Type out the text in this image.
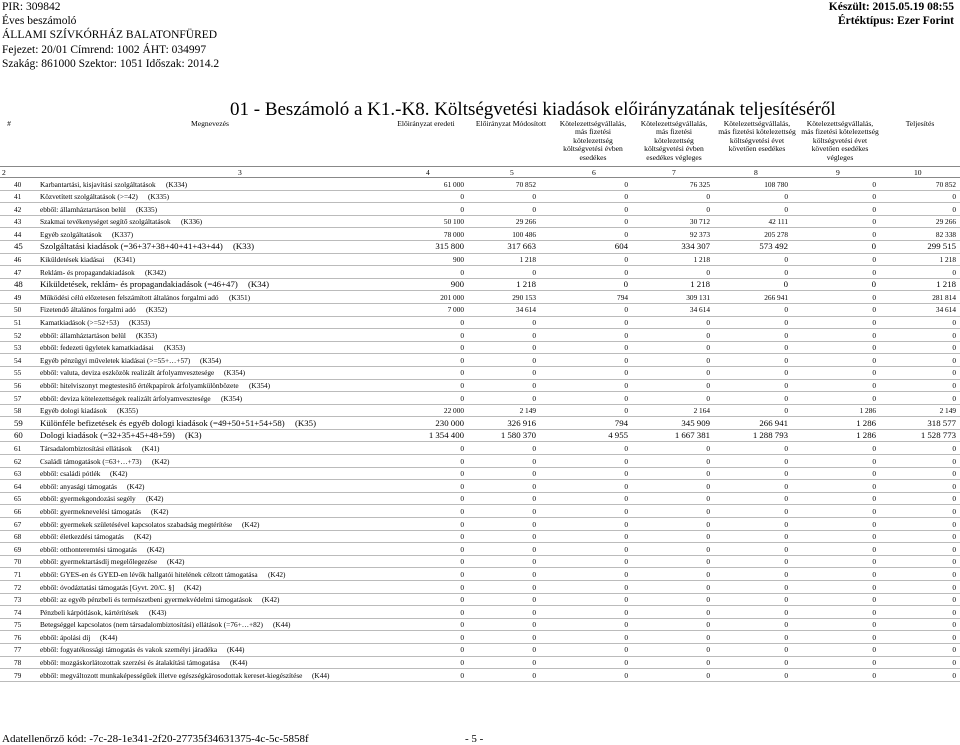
PIR: 309842
Éves beszámoló
ÁLLAMI SZÍVKÓRHÁZ BALATONFÜRED
Fejezet: 20/01 Címrend: 1002 ÁHT: 034997
Szakág: 861000 Szektor: 1051 Időszak: 2014.2
Készült: 2015.05.19 08:55
Értéktípus: Ezer Forint
01 - Beszámoló a K1.-K8. Költségvetési kiadások előirányzatának teljesítéséről
#	Megnevezés	Előirányzat eredeti	Előirányzat Módosított	Kötelezettségvállalás, más fizetési kötelezettség költségvetési évben esedékes
Kötelezettségvállalás, más fizetési kötelezettség költségvetési évben esedékes végleges
Kötelezettségvállalás, más fizetési kötelezettség költségvetési évet követően esedékes
Kötelezettségvállalás, más fizetési kötelezettség költségvetési évet követően esedékes végleges
Teljesítés
2	3	4	5	6	7	8	9	10
40	Karbantartási, kisjavítási szolgáltatások (K334)	61 000	70 852	0	76 325	108 780	0	70 852
41	Közvetített szolgáltatások (>=42) (K335)	0	0	0	0	0	0	0
42	ebből: államháztartáson belül (K335)	0	0	0	0	0	0	0
43	Szakmai tevékenységet segítő szolgáltatások (K336)	50 100	29 266	0	30 712	42 111	0	29 266
44	Egyéb szolgáltatások (K337)	78 000	100 486	0	92 373	205 278	0	82 338
45 Szolgáltatási kiadások (=36+37+38+40+41+43+44) (K33)	315 800	317 663	604	334 307	573 492	0	299 515
46	Kiküldetések kiadásai (K341)	900	1 218	0	1 218	0	0	1 218
47	Reklám- és propagandakiadások (K342)	0	0	0	0	0	0	0
48 Kiküldetések, reklám- és propagandakiadások (=46+47) (K34)	900	1 218	0	1 218	0	0	1 218
49	Működési célú előzetesen felszámított általános forgalmi adó (K351)	201 000	290 153	794	309 131	266 941	0	281 814
50	Fizetendő általános forgalmi adó (K352)	7 000	34 614	0	34 614	0	0	34 614
51	Kamatkiadások (>=52+53) (K353)	0	0	0	0	0	0	0
52	ebből: államháztartáson belül (K353)	0	0	0	0	0	0	0
53	ebből: fedezeti ügyletek kamatkiadásai (K353)	0	0	0	0	0	0	0
54	Egyéb pénzügyi műveletek kiadásai (>=55+…+57) (K354)	0	0	0	0	0	0	0
55	ebből: valuta, deviza eszközök realizált árfolyamvesztesége (K354)	0	0	0	0	0	0	0
56	ebből: hitelviszonyt megtestesítő értékpapírok árfolyamkülönbözete (K354)	0	0	0	0	0	0	0
57	ebből: deviza kötelezettségek realizált árfolyamvesztesége (K354)	0	0	0	0	0	0	0
58	Egyéb dologi kiadások (K355)	22 000	2 149	0	2 164	0	1 286	2 149
59 Különféle befizetések és egyéb dologi kiadások (=49+50+51+54+58) (K35)	230 000	326 916	794	345 909	266 941	1 286	318 577
60 Dologi kiadások (=32+35+45+48+59) (K3)	1 354 400	1 580 370	4 955	1 667 381	1 288 793	1 286	1 528 773
61	Társadalombiztosítási ellátások (K41)	0	0	0	0	0	0	0
62	Családi támogatások (=63+…+73) (K42)	0	0	0	0	0	0	0
63	ebből: családi pótlék (K42)	0	0	0	0	0	0	0
64	ebből: anyasági támogatás (K42)	0	0	0	0	0	0	0
65	ebből: gyermekgondozási segély (K42)	0	0	0	0	0	0	0
66	ebből: gyermeknevelési támogatás (K42)	0	0	0	0	0	0	0
67	ebből: gyermekek születésével kapcsolatos szabadság megtérítése (K42)	0	0	0	0	0	0	0
68	ebből: életkezdési támogatás (K42)	0	0	0	0	0	0	0
69	ebből: otthonteremtési támogatás (K42)	0	0	0	0	0	0	0
70	ebből: gyermektartásdíj megelőlegezése (K42)	0	0	0	0	0	0	0
71	ebből: GYES-en és GYED-en lévők hallgatói hitelének célzott támogatása (K42)	0	0	0	0	0	0	0
72	ebből: óvodáztatási támogatás [Gyvt. 20/C. §] (K42)	0	0	0	0	0	0	0
73	ebből: az egyéb pénzbeli és természetbeni gyermekvédelmi támogatások (K42)	0	0	0	0	0	0	0
74	Pénzbeli kárpótlások, kártérítések (K43)	0	0	0	0	0	0	0
75	Betegséggel kapcsolatos (nem társadalombiztosítási) ellátások (=76+…+82) (K44)	0	0	0	0	0	0	0
76	ebből: ápolási díj (K44)	0	0	0	0	0	0	0
77	ebből: fogyatékossági támogatás és vakok személyi járadéka (K44)	0	0	0	0	0	0	0
78	ebből: mozgáskorlátozottak szerzési és átalakítási támogatása (K44)	0	0	0	0	0	0	0
79	ebből: megváltozott munkaképességűek illetve egészségkárosodottak kereset-kiegészítése (K44)	0	0	0	0	0	0	0
Adatellenőrző kód: -7c-28-1e341-2f20-27735f34631375-4c-5c-5858f	- 5 -
